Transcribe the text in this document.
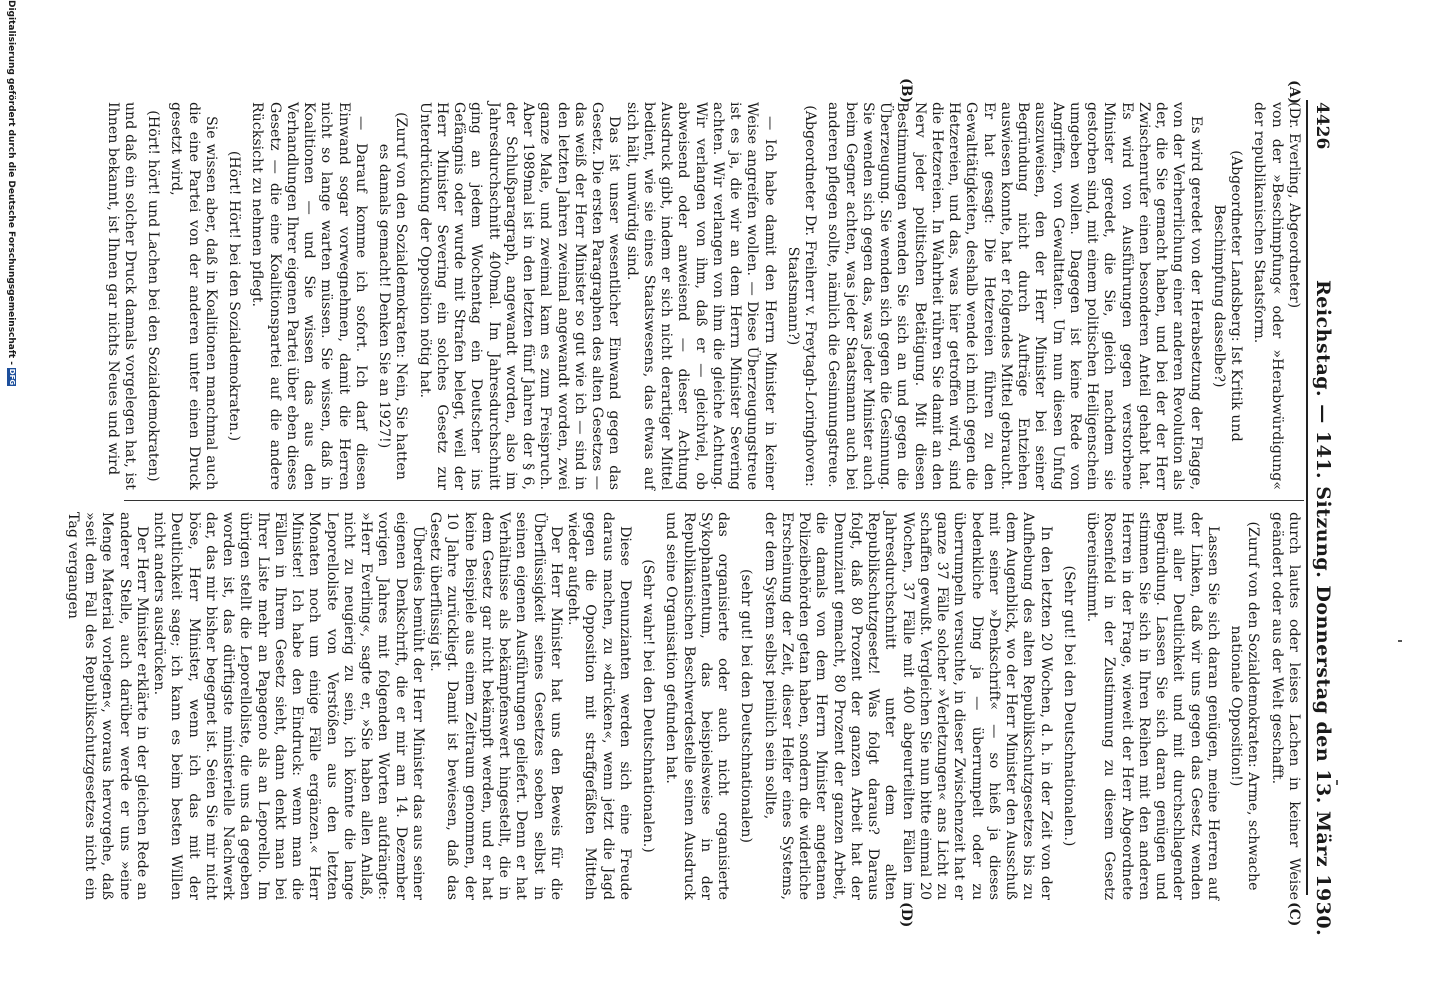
4426
Reichstag. — 141. Sitzung. Donnerstag den 13. März 1930.
(A)
(B)
(C)
(D)

(Dr. Everling, Abgeordneter)

von der »Beschimpfung« oder »Herabwürdigung« der republikanischen Staatsform.

(Abgeordneter Landsberg: Ist Kritik und Beschimpfung dasselbe?)

Es wird geredet von der Herabsetzung der Flagge, von der Verherrlichung einer anderen Revolution als der, die Sie gemacht haben, und bei der der Herr Zwischenrufer einen besonderen Anteil gehabt hat. Es wird von Ausführungen gegen verstorbene Minister geredet, die Sie, gleich nachdem sie gestorben sind, mit einem politischen Heiligenschein umgeben wollen. Dagegen ist keine Rede von Angriffen, von Gewalttaten. Um nun diesen Unfug auszuweisen, den der Herr Minister bei seiner Begründung nicht durch Aufträge Entziehen auswiesen konnte, hat er folgendes Mittel gebraucht. Er hat gesagt: Die Hetzereien führen zu den Gewalttätigkeiten, deshalb wende ich mich gegen die Hetzereien, und das, was hier getroffen wird, sind die Hetzereien. In Wahrheit rühren Sie damit an den Nerv jeder politischen Betätigung. Mit diesen Bestimmungen wenden Sie sich an und gegen die Überzeugung. Sie wenden sich gegen die Gesinnung. Sie wenden sich gegen das, was jeder Minister auch beim Gegner achten, was jeder Staatsmann auch bei anderen pflegen sollte, nämlich die Gesinnungstreue.

(Abgeordneter Dr. Freiherr v. Freytagh-Loringhoven: Staatsmann?)

— Ich habe damit den Herrn Minister in keiner Weise angreifen wollen. — Diese Überzeugungstreue ist es ja, die wir an dem Herrn Minister Severing achten. Wir verlangen von ihm die gleiche Achtung. Wir verlangen von ihm, daß er — gleichviel, ob abweisend oder anweisend — dieser Achtung Ausdruck gibt, indem er sich nicht derartiger Mittel bedient, wie sie eines Staatswesens, das etwas auf sich hält, unwürdig sind.

Das ist unser wesentlicher Einwand gegen das Gesetz. Die ersten Paragraphen des alten Gesetzes — das weiß der Herr Minister so gut wie ich — sind in den letzten Jahren zweimal angewandt worden, zwei ganze Male, und zweimal kam es zum Freispruch. Aber 1989mal ist in den letzten fünf Jahren der § 6, der Schlußparagraph, angewandt worden, also im Jahresdurchschnitt 400mal. Im Jahresdurchschnitt ging an jedem Wochentag ein Deutscher ins Gefängnis oder wurde mit Strafen belegt, weil der Herr Minister Severing ein solches Gesetz zur Unterdrückung der Opposition nötig hat.

(Zuruf von den Sozialdemokraten: Nein, Sie hatten es damals gemacht! Denken Sie an 1927!)

— Darauf komme ich sofort. Ich darf diesen Einwand sogar vorwegnehmen, damit die Herren nicht so lange warten müssen. Sie wissen, daß in Koalitionen — und Sie wissen das aus den Verhandlungen Ihrer eigenen Partei über eben dieses Gesetz — die eine Koalitionspartei auf die andere Rücksicht zu nehmen pflegt.

(Hört! Hört! bei den Sozialdemokraten.)

Sie wissen aber, daß in Koalitionen manchmal auch die eine Partei von der anderen unter einen Druck gesetzt wird,

(Hört! hört! und Lachen bei den Sozialdemokraten)

und daß ein solcher Druck damals vorgelegen hat, ist Ihnen bekannt, ist Ihnen gar nichts Neues und wird

durch lautes oder leises Lachen in keiner Weise geändert oder aus der Welt geschafft.

(Zuruf von den Sozialdemokraten: Arme, schwache nationale Opposition!)

Lassen Sie sich daran genügen, meine Herren auf der Linken, daß wir uns gegen das Gesetz wenden mit aller Deutlichkeit und mit durchschlagender Begründung. Lassen Sie sich daran genügen und stimmen Sie sich in Ihren Reihen mit den anderen Herren in der Frage, wieweit der Herr Abgeordnete Rosenfeld in der Zustimmung zu diesem Gesetz übereinstimmt.

(Sehr gut! bei den Deutschnationalen.)

In den letzten 20 Wochen, d. h. in der Zeit von der Aufhebung des alten Republikschutzgesetzes bis zu dem Augenblick, wo der Herr Minister den Ausschuß mit seiner »Denkschrift« — so hieß ja dieses bedenkliche Ding ja — überrumpelt oder zu überrumpeln versuchte, in dieser Zwischenzeit hat er ganze 37 Fälle solcher »Verletzungen« ans Licht zu schaffen gewußt. Vergleichen Sie nun bitte einmal 20 Wochen, 37 Fälle mit 400 abgeurteilten Fällen im Jahresdurchschnitt unter dem alten Republikschutzgesetz! Was folgt daraus? Daraus folgt, daß 80 Prozent der ganzen Arbeit hat der Denunziant gemacht, 80 Prozent der ganzen Arbeit, die damals von dem Herrn Minister angetanen Polizeibehörden getan haben, sondern die widerliche Erscheinung der Zeit, dieser Helfer eines Systems, der dem System selbst peinlich sein sollte,

(sehr gut! bei den Deutschnationalen)

das organisierte oder auch nicht organisierte Sykophantentum, das beispielsweise in der Republikanischen Beschwerdestelle seinen Ausdruck und seine Organisation gefunden hat.

(Sehr wahr! bei den Deutschnationalen.)

Diese Denunzianten werden sich eine Freude daraus machen, zu »drücken«, wenn jetzt die Jagd gegen die Opposition mit straffgefäßten Mitteln wieder aufgeht.

Der Herr Minister hat uns den Beweis für die Überflüssigkeit seines Gesetzes soeben selbst in seinen eigenen Ausführungen geliefert. Denn er hat Verhältnisse als bekämpfenswert hingestellt, die in dem Gesetz gar nicht bekämpft werden, und er hat keine Beispiele aus einem Zeitraum genommen, der 10 Jahre zurückliegt. Damit ist bewiesen, daß das Gesetz überflüssig ist.

Überdies bemüht der Herr Minister das aus seiner eigenen Denkschrift, die er mir am 14. Dezember vorigen Jahres mit folgenden Worten aufdrängte: »Herr Everling«, sagte er, »Sie haben allen Anlaß, nicht zu neugierig zu sein, ich könnte die lange Leporelloliste von Verstößen aus den letzten Monaten noch um einige Fälle ergänzen.« Herr Minister! Ich habe den Eindruck: wenn man die Fällen in Ihrem Gesetz sieht, dann denkt man bei Ihrer Liste mehr an Papageno als an Leporello. Im übrigen stellt die Leporelloliste, die uns da gegeben worden ist, das dürftigste ministerielle Nachwerk dar, das mir bisher begegnet ist. Seien Sie mir nicht böse, Herr Minister, wenn ich das mit der Deutlichkeit sage; ich kann es beim besten Willen nicht anders ausdrücken.

Der Herr Minister erklärte in der gleichen Rede an anderer Stelle, auch darüber werde er uns »eine Menge Material vorlegen«, woraus hervorgehe, daß »seit dem Fall des Republikschutzgesetzes nicht ein Tag vergangen

Digitalisierung gefördert durch die Deutsche Forschungsgemeinschaft -DFG
